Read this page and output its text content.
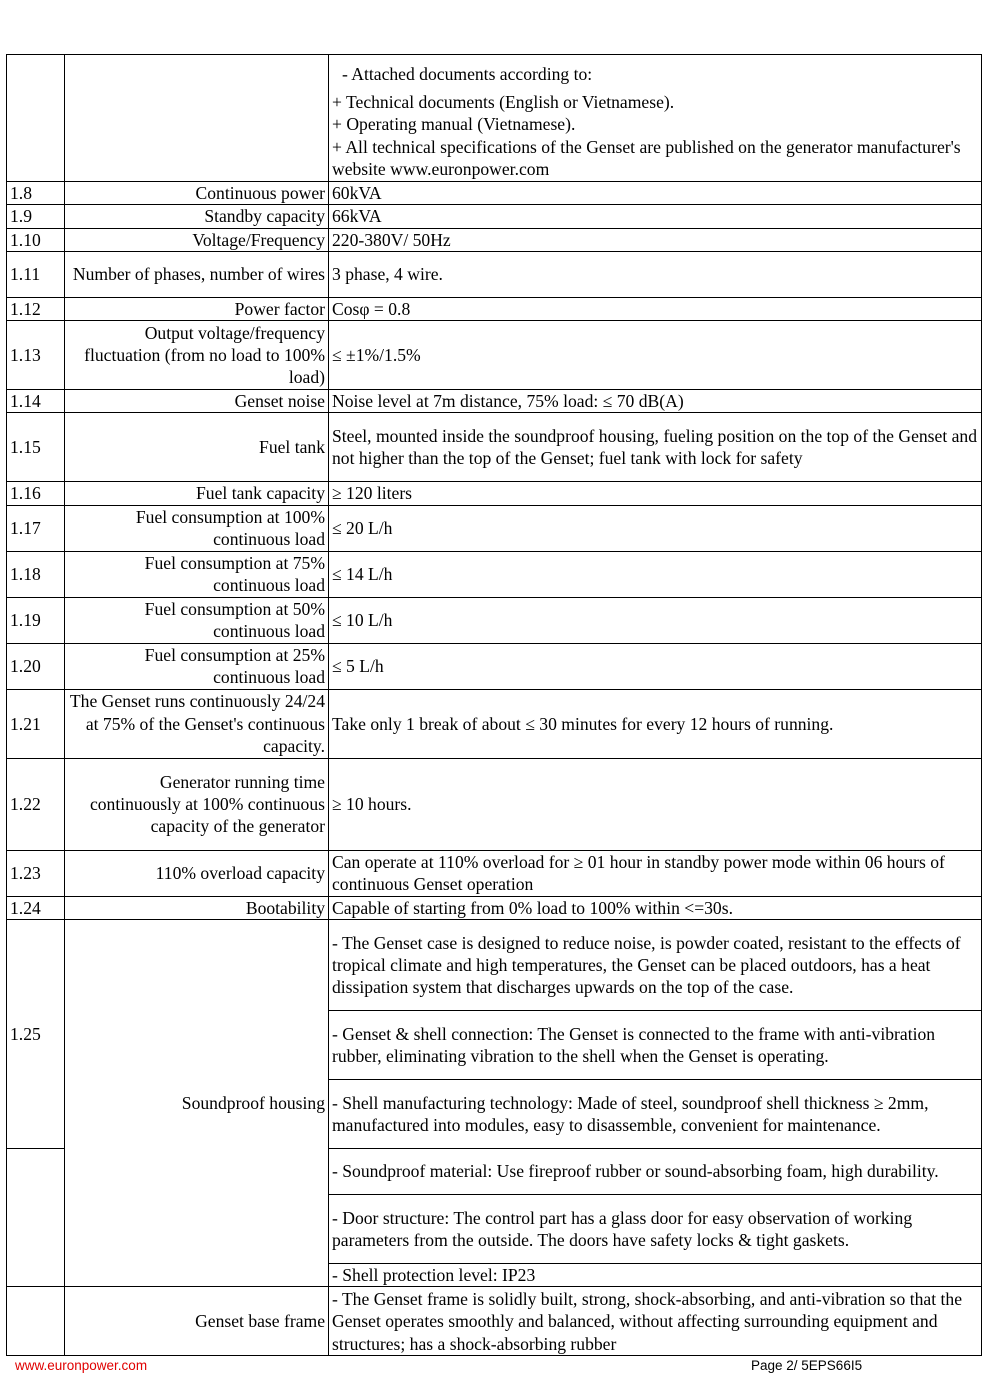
		- Attached documents according to:
+ Technical documents (English or Vietnamese).
+ Operating manual (Vietnamese).
+ All technical specifications of the Genset are published on the generator manufacturer's website www.euronpower.com

1.8	Continuous power	60kVA
1.9	Standby capacity	66kVA
1.10	Voltage/Frequency	220-380V/ 50Hz
1.11	Number of phases, number of wires	3 phase, 4 wire.
1.12	Power factor	Cosφ = 0.8
1.13	Output voltage/frequency fluctuation (from no load to 100% load)	≤ ±1%/1.5%
1.14	Genset noise	Noise level at 7m distance, 75% load: ≤ 70 dB(A)
1.15	Fuel tank	Steel, mounted inside the soundproof housing, fueling position on the top of the Genset and not higher than the top of the Genset; fuel tank with lock for safety
1.16	Fuel tank capacity	≥ 120 liters
1.17	Fuel consumption at 100% continuous load	≤ 20 L/h
1.18	Fuel consumption at 75% continuous load	≤ 14 L/h
1.19	Fuel consumption at 50% continuous load	≤ 10 L/h
1.20	Fuel consumption at 25% continuous load	≤ 5 L/h
1.21	The Genset runs continuously 24/24 at 75% of the Genset's continuous capacity.	Take only 1 break of about ≤ 30 minutes for every 12 hours of running.
1.22	Generator running time continuously at 100% continuous capacity of the generator	≥ 10 hours.
1.23	110% overload capacity	Can operate at 110% overload for ≥ 01 hour in standby power mode within 06 hours of continuous Genset operation
1.24	Bootability	Capable of starting from 0% load to 100% within <=30s.
1.25	Soundproof housing	- The Genset case is designed to reduce noise, is powder coated, resistant to the effects of tropical climate and high temperatures, the Genset can be placed outdoors, has a heat dissipation system that discharges upwards on the top of the case.
		- Genset & shell connection: The Genset is connected to the frame with anti-vibration rubber, eliminating vibration to the shell when the Genset is operating.
		- Shell manufacturing technology: Made of steel, soundproof shell thickness ≥ 2mm, manufactured into modules, easy to disassemble, convenient for maintenance.
		- Soundproof material: Use fireproof rubber or sound-absorbing foam, high durability.
		- Door structure: The control part has a glass door for easy observation of working parameters from the outside. The doors have safety locks & tight gaskets.
		- Shell protection level: IP23
	Genset base frame	- The Genset frame is solidly built, strong, shock-absorbing, and anti-vibration so that the Genset operates smoothly and balanced, without affecting surrounding equipment and structures; has a shock-absorbing rubber
www.euronpower.com	Page 2/ 5EPS66I5
